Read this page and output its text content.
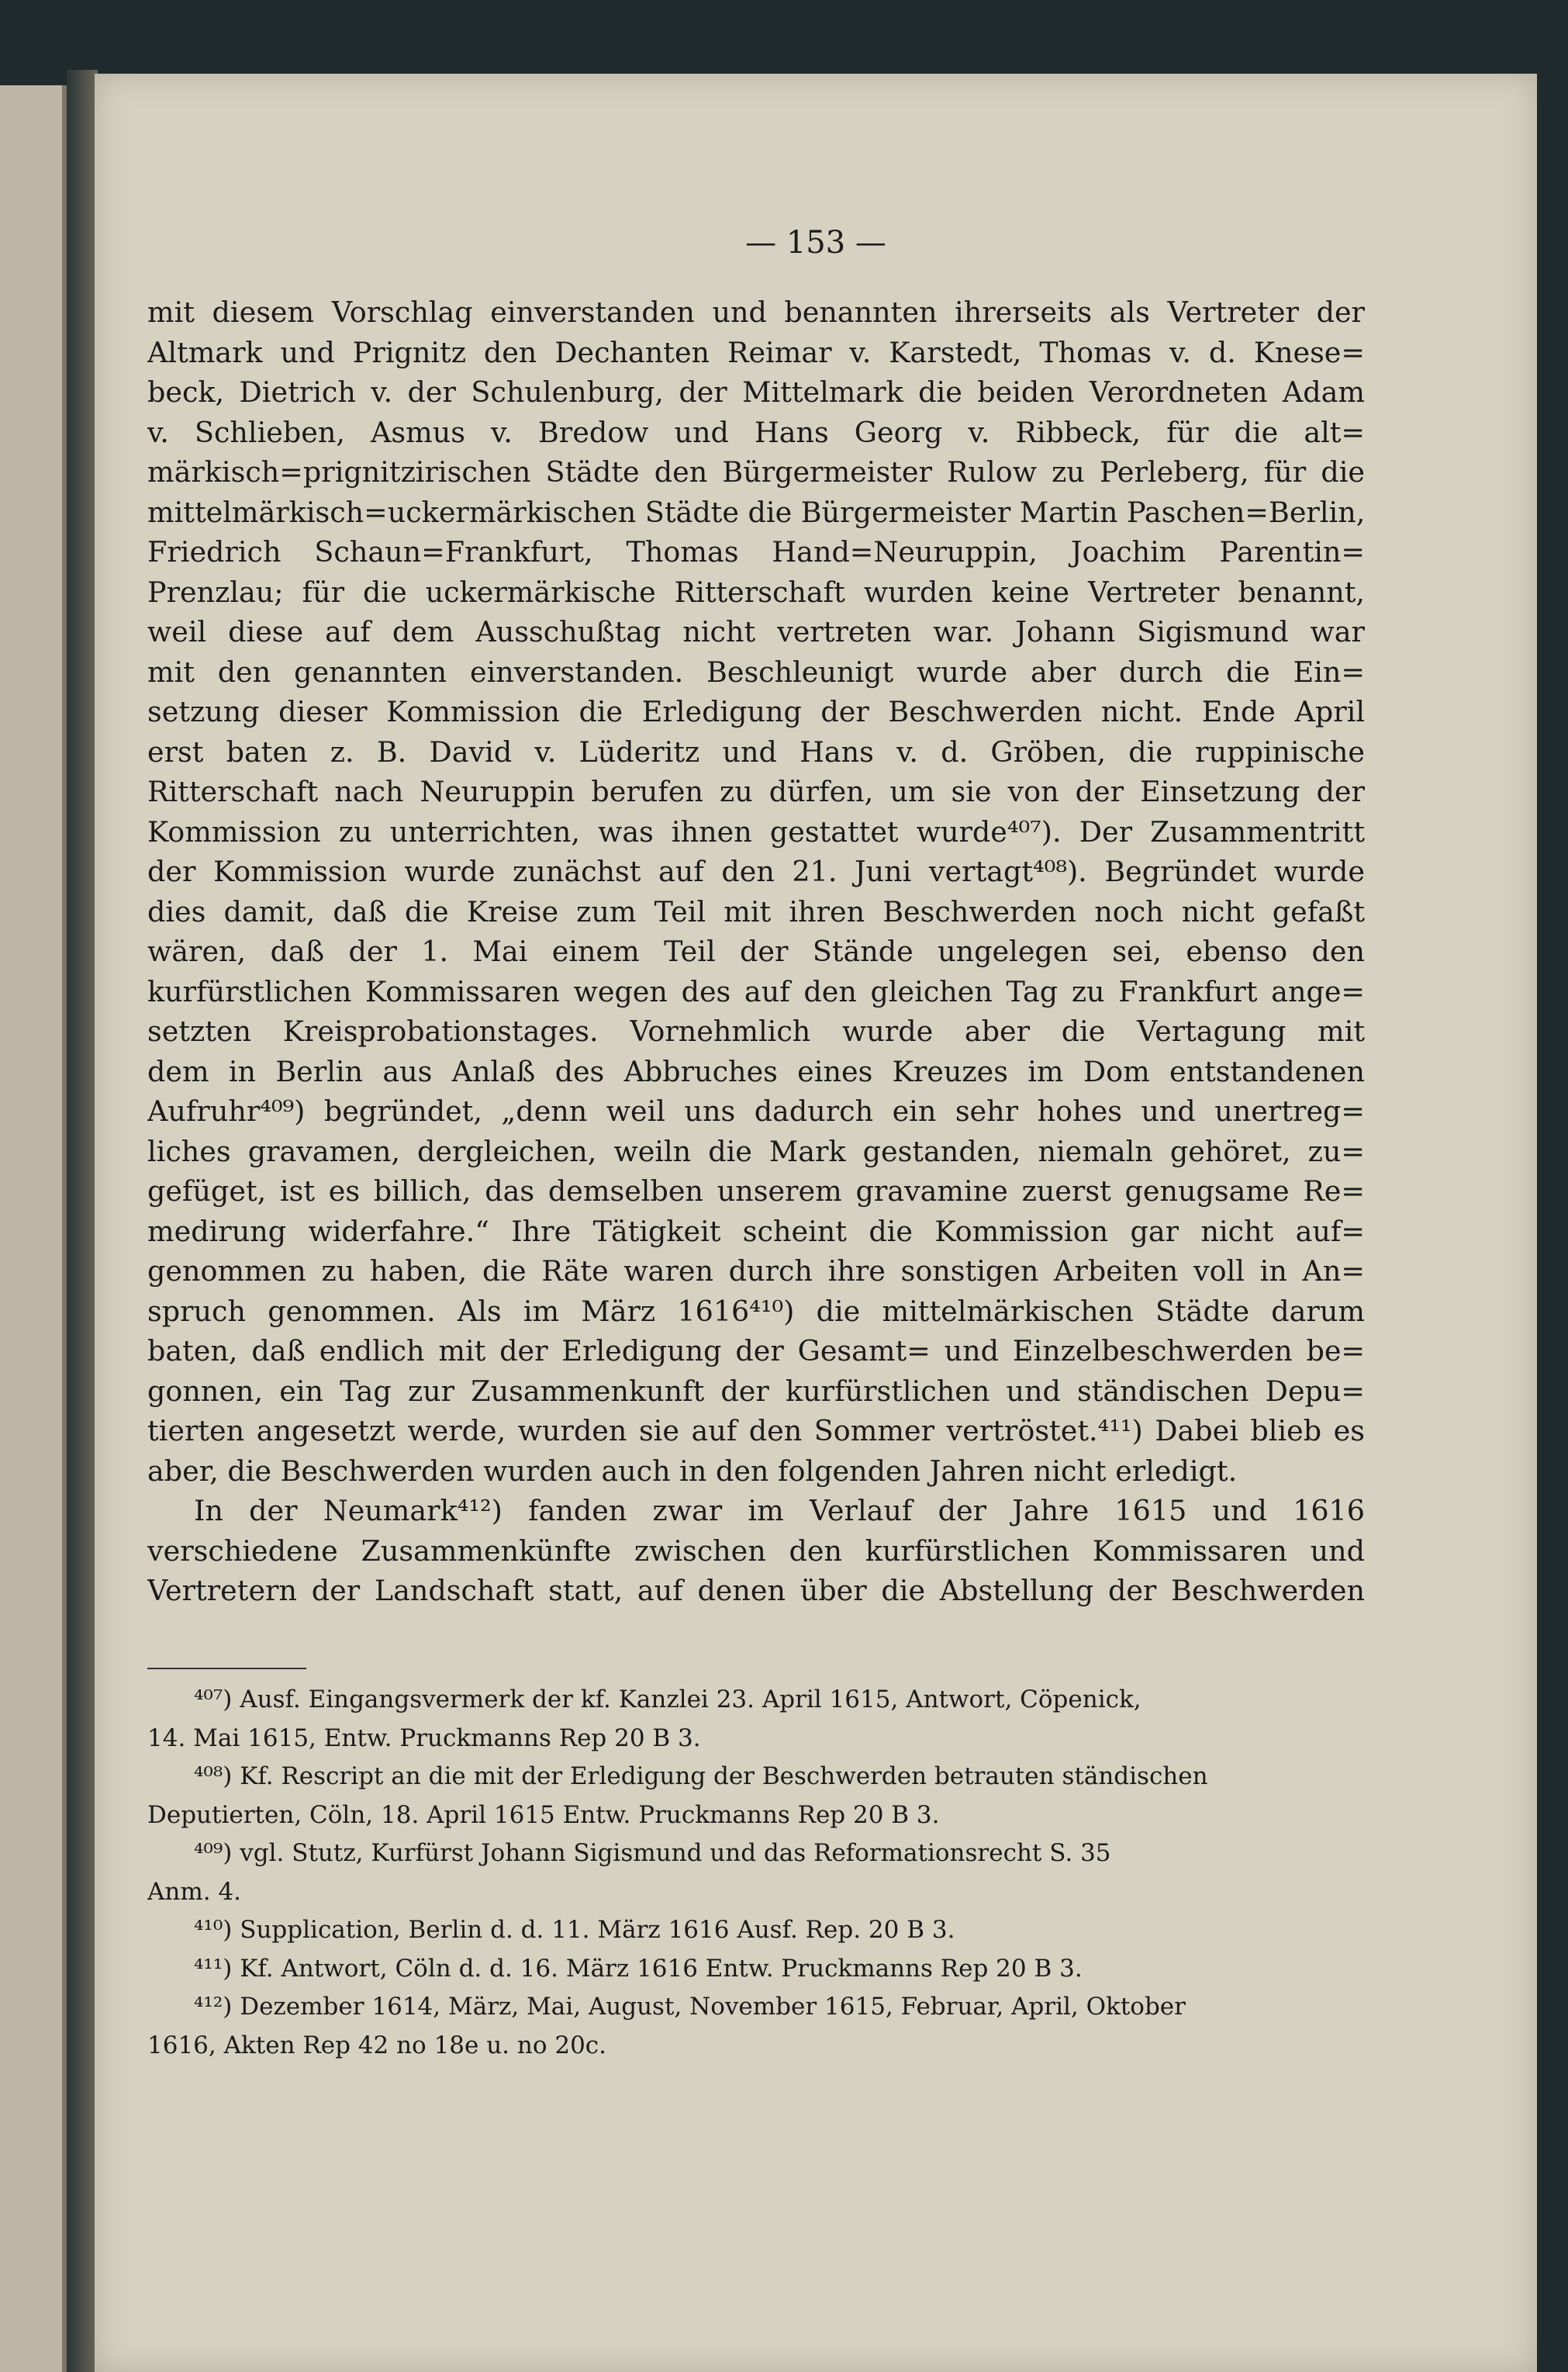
— 153 —
mit diesem Vorschlag einverstanden und benannten ihrerseits als Vertreter der
Altmark und Prignitz den Dechanten Reimar v. Karstedt, Thomas v. d. Knese=
beck, Dietrich v. der Schulenburg, der Mittelmark die beiden Verordneten Adam
v. Schlieben, Asmus v. Bredow und Hans Georg v. Ribbeck, für die alt=
märkisch=prignitzirischen Städte den Bürgermeister Rulow zu Perleberg, für die
mittelmärkisch=uckermärkischen Städte die Bürgermeister Martin Paschen=Berlin,
Friedrich Schaun=Frankfurt, Thomas Hand=Neuruppin, Joachim Parentin=
Prenzlau; für die uckermärkische Ritterschaft wurden keine Vertreter benannt,
weil diese auf dem Ausschußtag nicht vertreten war. Johann Sigismund war
mit den genannten einverstanden. Beschleunigt wurde aber durch die Ein=
setzung dieser Kommission die Erledigung der Beschwerden nicht. Ende April
erst baten z. B. David v. Lüderitz und Hans v. d. Gröben, die ruppinische
Ritterschaft nach Neuruppin berufen zu dürfen, um sie von der Einsetzung der
Kommission zu unterrichten, was ihnen gestattet wurde⁴⁰⁷). Der Zusammentritt
der Kommission wurde zunächst auf den 21. Juni vertagt⁴⁰⁸). Begründet wurde
dies damit, daß die Kreise zum Teil mit ihren Beschwerden noch nicht gefaßt
wären, daß der 1. Mai einem Teil der Stände ungelegen sei, ebenso den
kurfürstlichen Kommissaren wegen des auf den gleichen Tag zu Frankfurt ange=
setzten Kreisprobationstages. Vornehmlich wurde aber die Vertagung mit
dem in Berlin aus Anlaß des Abbruches eines Kreuzes im Dom entstandenen
Aufruhr⁴⁰⁹) begründet, „denn weil uns dadurch ein sehr hohes und unertreg=
liches gravamen, dergleichen, weiln die Mark gestanden, niemaln gehöret, zu=
gefüget, ist es billich, das demselben unserem gravamine zuerst genugsame Re=
medirung widerfahre.“ Ihre Tätigkeit scheint die Kommission gar nicht auf=
genommen zu haben, die Räte waren durch ihre sonstigen Arbeiten voll in An=
spruch genommen. Als im März 1616⁴¹⁰) die mittelmärkischen Städte darum
baten, daß endlich mit der Erledigung der Gesamt= und Einzelbeschwerden be=
gonnen, ein Tag zur Zusammenkunft der kurfürstlichen und ständischen Depu=
tierten angesetzt werde, wurden sie auf den Sommer vertröstet.⁴¹¹) Dabei blieb es
aber, die Beschwerden wurden auch in den folgenden Jahren nicht erledigt.
In der Neumark⁴¹²) fanden zwar im Verlauf der Jahre 1615 und 1616
verschiedene Zusammenkünfte zwischen den kurfürstlichen Kommissaren und
Vertretern der Landschaft statt, auf denen über die Abstellung der Beschwerden
⁴⁰⁷) Ausf. Eingangsvermerk der kf. Kanzlei 23. April 1615, Antwort, Cöpenick,
14. Mai 1615, Entw. Pruckmanns Rep 20 B 3.
⁴⁰⁸) Kf. Rescript an die mit der Erledigung der Beschwerden betrauten ständischen
Deputierten, Cöln, 18. April 1615 Entw. Pruckmanns Rep 20 B 3.
⁴⁰⁹) vgl. Stutz, Kurfürst Johann Sigismund und das Reformationsrecht S. 35
Anm. 4.
⁴¹⁰) Supplication, Berlin d. d. 11. März 1616 Ausf. Rep. 20 B 3.
⁴¹¹) Kf. Antwort, Cöln d. d. 16. März 1616 Entw. Pruckmanns Rep 20 B 3.
⁴¹²) Dezember 1614, März, Mai, August, November 1615, Februar, April, Oktober
1616, Akten Rep 42 no 18e u. no 20c.
